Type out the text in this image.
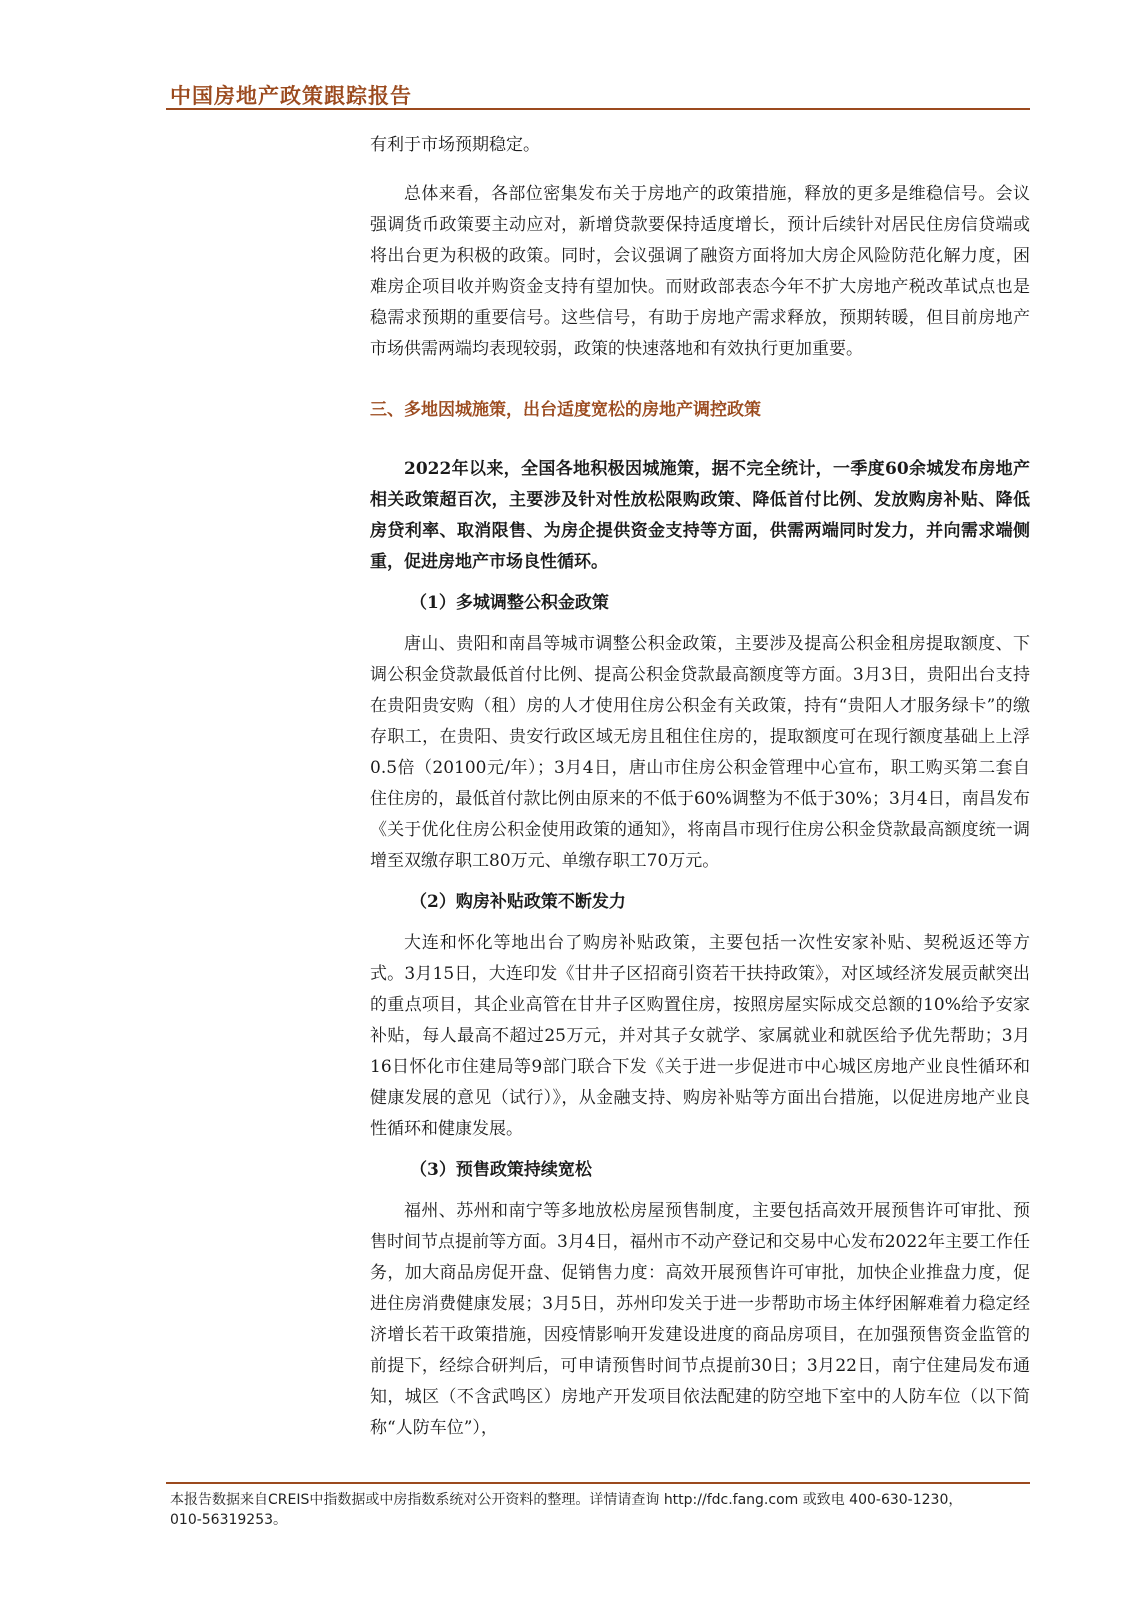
中国房地产政策跟踪报告

有利于市场预期稳定。

总体来看，各部位密集发布关于房地产的政策措施，释放的更多是维稳信号。会议强调货币政策要主动应对，新增贷款要保持适度增长，预计后续针对居民住房信贷端或将出台更为积极的政策。同时，会议强调了融资方面将加大房企风险防范化解力度，困难房企项目收并购资金支持有望加快。而财政部表态今年不扩大房地产税改革试点也是稳需求预期的重要信号。这些信号，有助于房地产需求释放，预期转暖，但目前房地产市场供需两端均表现较弱，政策的快速落地和有效执行更加重要。

三、多地因城施策，出台适度宽松的房地产调控政策

2022年以来，全国各地积极因城施策，据不完全统计，一季度60余城发布房地产相关政策超百次，主要涉及针对性放松限购政策、降低首付比例、发放购房补贴、降低房贷利率、取消限售、为房企提供资金支持等方面，供需两端同时发力，并向需求端侧重，促进房地产市场良性循环。

（1）多城调整公积金政策

唐山、贵阳和南昌等城市调整公积金政策，主要涉及提高公积金租房提取额度、下调公积金贷款最低首付比例、提高公积金贷款最高额度等方面。3月3日，贵阳出台支持在贵阳贵安购（租）房的人才使用住房公积金有关政策，持有“贵阳人才服务绿卡”的缴存职工，在贵阳、贵安行政区域无房且租住住房的，提取额度可在现行额度基础上上浮0.5倍（20100元/年）；3月4日，唐山市住房公积金管理中心宣布，职工购买第二套自住住房的，最低首付款比例由原来的不低于60%调整为不低于30%；3月4日，南昌发布《关于优化住房公积金使用政策的通知》，将南昌市现行住房公积金贷款最高额度统一调增至双缴存职工80万元、单缴存职工70万元。

（2）购房补贴政策不断发力

大连和怀化等地出台了购房补贴政策，主要包括一次性安家补贴、契税返还等方式。3月15日，大连印发《甘井子区招商引资若干扶持政策》，对区域经济发展贡献突出的重点项目，其企业高管在甘井子区购置住房，按照房屋实际成交总额的10%给予安家补贴，每人最高不超过25万元，并对其子女就学、家属就业和就医给予优先帮助；3月16日怀化市住建局等9部门联合下发《关于进一步促进市中心城区房地产业良性循环和健康发展的意见（试行）》，从金融支持、购房补贴等方面出台措施，以促进房地产业良性循环和健康发展。

（3）预售政策持续宽松

福州、苏州和南宁等多地放松房屋预售制度，主要包括高效开展预售许可审批、预售时间节点提前等方面。3月4日，福州市不动产登记和交易中心发布2022年主要工作任务，加大商品房促开盘、促销售力度：高效开展预售许可审批，加快企业推盘力度，促进住房消费健康发展；3月5日，苏州印发关于进一步帮助市场主体纾困解难着力稳定经济增长若干政策措施，因疫情影响开发建设进度的商品房项目，在加强预售资金监管的前提下，经综合研判后，可申请预售时间节点提前30日；3月22日，南宁住建局发布通知，城区（不含武鸣区）房地产开发项目依法配建的防空地下室中的人防车位（以下简称“人防车位”），

本报告数据来自CREIS中指数据或中房指数系统对公开资料的整理。详情请查询 http://fdc.fang.com 或致电 400-630-1230，010-56319253。
